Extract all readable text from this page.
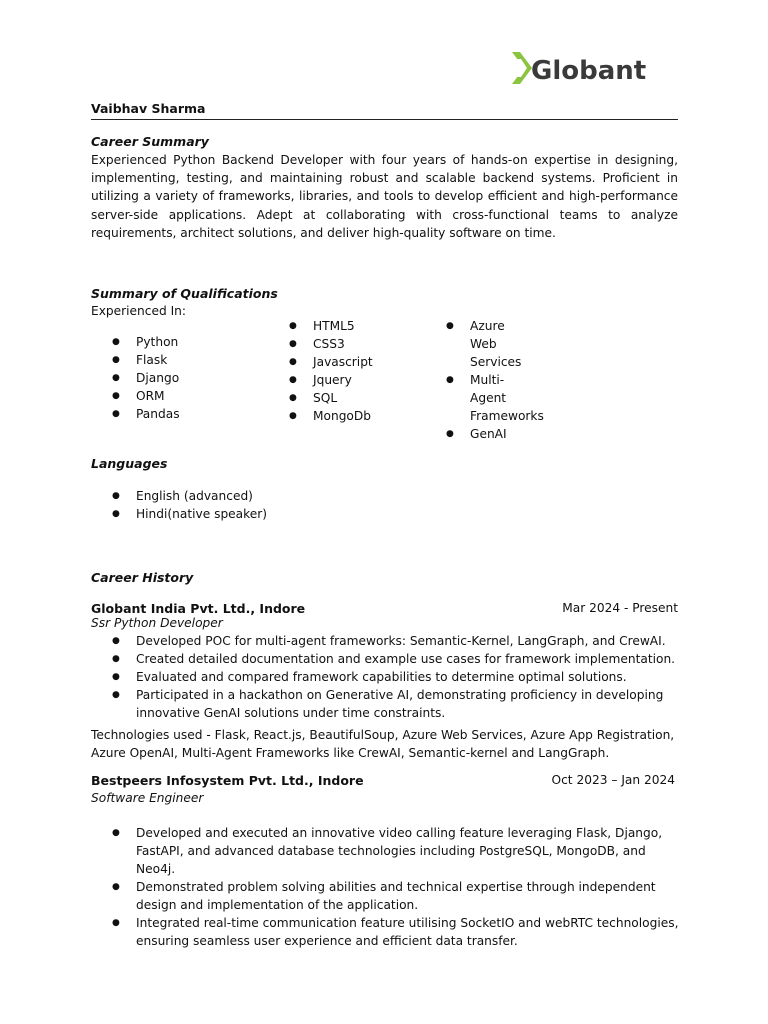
Globant
Vaibhav Sharma
Career Summary
Experienced Python Backend Developer with four years of hands-on expertise in designing, implementing, testing, and maintaining robust and scalable backend systems. Proficient in utilizing a variety of frameworks, libraries, and tools to develop efficient and high-performance server-side applications. Adept at collaborating with cross-functional teams to analyze requirements, architect solutions, and deliver high-quality software on time.
Summary of Qualifications
Experienced In:
● Python
● Flask
● Django
● ORM
● Pandas
● HTML5
● CSS3
● Javascript
● Jquery
● SQL
● MongoDb
● Azure Web Services
● Multi-Agent Frameworks
● GenAI
Languages
● English (advanced)
● Hindi(native speaker)
Career History
Globant India Pvt. Ltd., Indore	Mar 2024 - Present
Ssr Python Developer
● Developed POC for multi-agent frameworks: Semantic-Kernel, LangGraph, and CrewAI.
● Created detailed documentation and example use cases for framework implementation.
● Evaluated and compared framework capabilities to determine optimal solutions.
● Participated in a hackathon on Generative AI, demonstrating proficiency in developing innovative GenAI solutions under time constraints.
Technologies used - Flask, React.js, BeautifulSoup, Azure Web Services, Azure App Registration, Azure OpenAI, Multi-Agent Frameworks like CrewAI, Semantic-kernel and LangGraph.
Bestpeers Infosystem Pvt. Ltd., Indore	Oct 2023 – Jan 2024
Software Engineer
● Developed and executed an innovative video calling feature leveraging Flask, Django, FastAPI, and advanced database technologies including PostgreSQL, MongoDB, and Neo4j.
● Demonstrated problem solving abilities and technical expertise through independent design and implementation of the application.
● Integrated real-time communication feature utilising SocketIO and webRTC technologies, ensuring seamless user experience and efficient data transfer.
